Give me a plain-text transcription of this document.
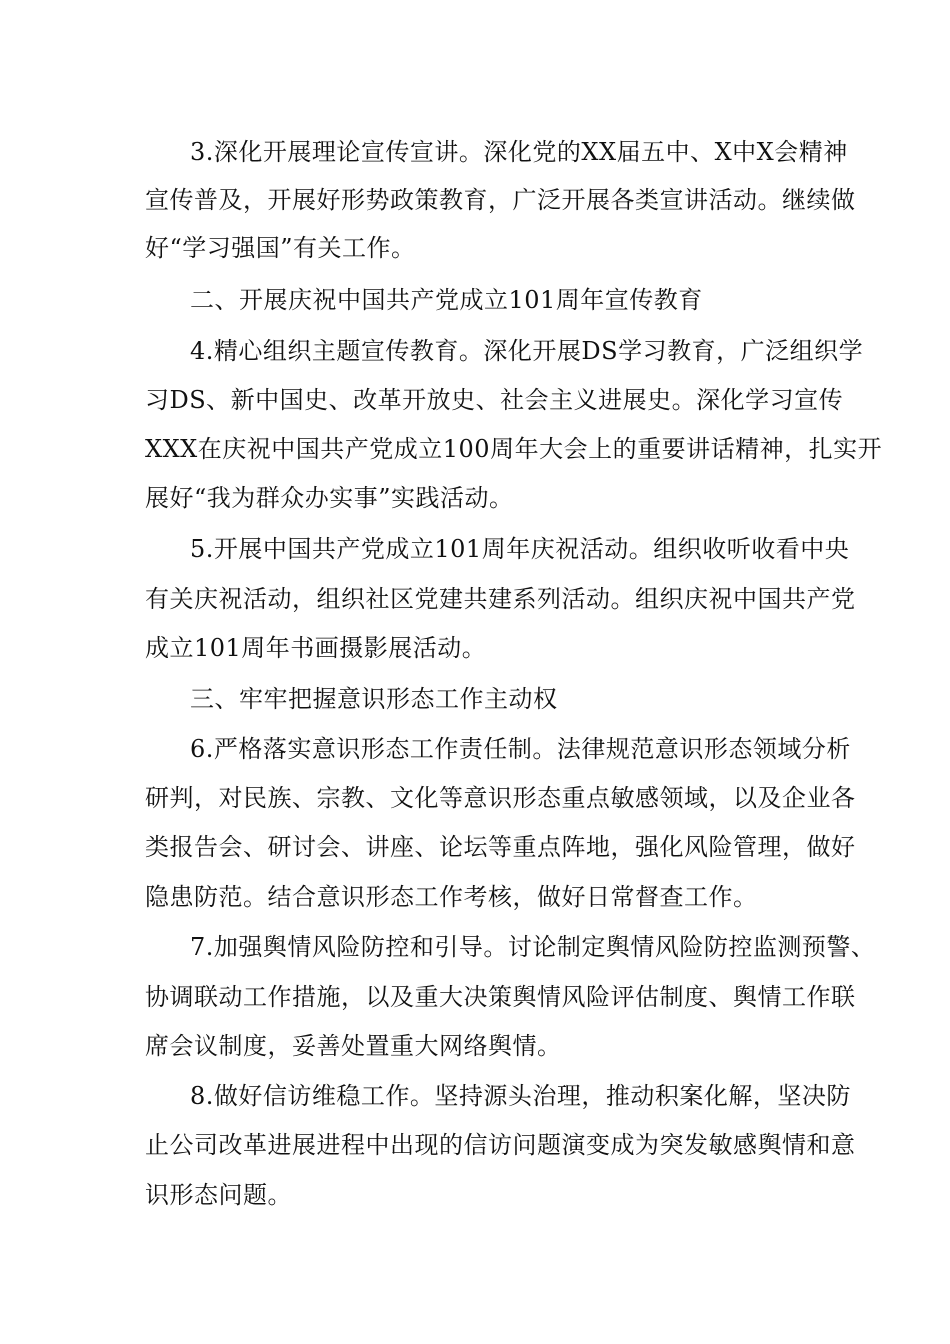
3.深化开展理论宣传宣讲。深化党的XX届五中、X中X会精神
宣传普及，开展好形势政策教育，广泛开展各类宣讲活动。继续做
好“学习强国”有关工作。
二、开展庆祝中国共产党成立101周年宣传教育
4.精心组织主题宣传教育。深化开展DS学习教育，广泛组织学
习DS、新中国史、改革开放史、社会主义进展史。深化学习宣传
XXX在庆祝中国共产党成立100周年大会上的重要讲话精神，扎实开
展好“我为群众办实事”实践活动。
5.开展中国共产党成立101周年庆祝活动。组织收听收看中央
有关庆祝活动，组织社区党建共建系列活动。组织庆祝中国共产党
成立101周年书画摄影展活动。
三、牢牢把握意识形态工作主动权
6.严格落实意识形态工作责任制。法律规范意识形态领域分析
研判，对民族、宗教、文化等意识形态重点敏感领域，以及企业各
类报告会、研讨会、讲座、论坛等重点阵地，强化风险管理，做好
隐患防范。结合意识形态工作考核，做好日常督查工作。
7.加强舆情风险防控和引导。讨论制定舆情风险防控监测预警、
协调联动工作措施，以及重大决策舆情风险评估制度、舆情工作联
席会议制度，妥善处置重大网络舆情。
8.做好信访维稳工作。坚持源头治理，推动积案化解，坚决防
止公司改革进展进程中出现的信访问题演变成为突发敏感舆情和意
识形态问题。
